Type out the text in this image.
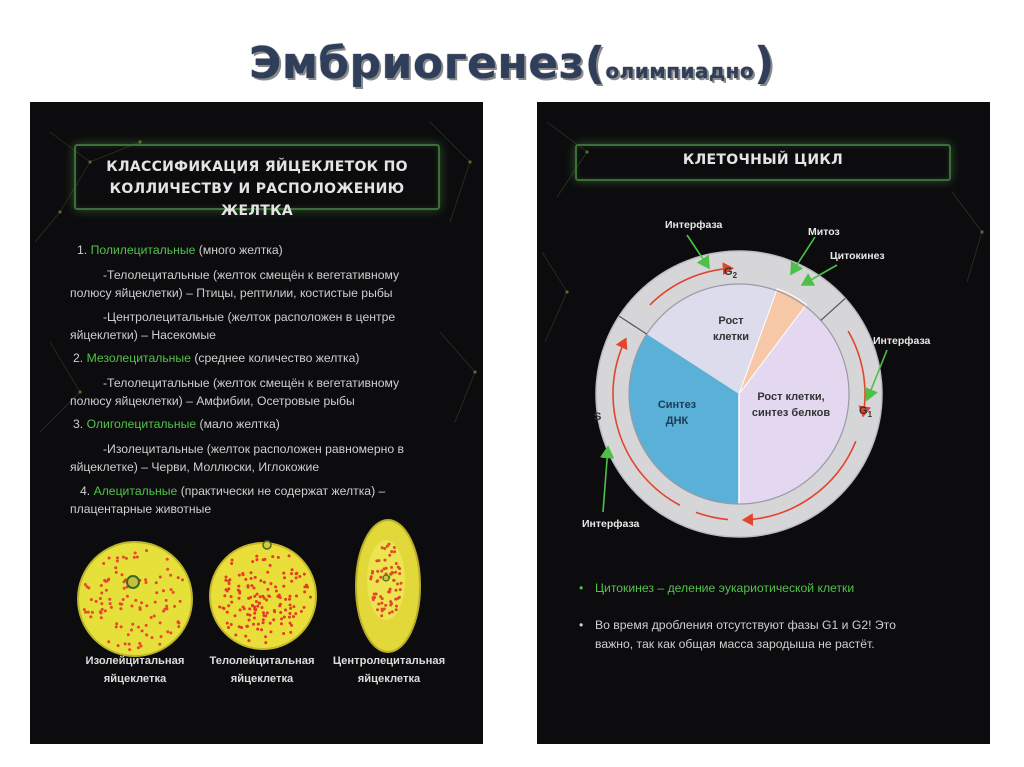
Эмбриогенез(олимпиадно)
КЛАССИФИКАЦИЯ ЯЙЦЕКЛЕТОК ПО
КОЛЛИЧЕСТВУ И РАСПОЛОЖЕНИЮ ЖЕЛТКА
1. Полилецитальные (много желтка)
-Телолецитальные (желток смещён к вегетативному
полюсу яйцеклетки) – Птицы, рептилии, костистые рыбы
-Центролецитальные (желток расположен в центре
яйцеклетки) – Насекомые
2. Мезолецитальные (среднее количество желтка)
-Телолецитальные (желток смещён к вегетативному
полюсу яйцеклетки) – Амфибии, Осетровые рыбы
3. Олиголецитальные (мало желтка)
-Изолецитальные (желток расположен равномерно в
яйцеклетке) – Черви, Моллюски, Иглокожие
4. Алецитальные (практически не содержат желтка) –
плацентарные животные
Изолейцитальная
яйцеклетка
Телолейцитальная
яйцеклетка
Центролецитальная
яйцеклетка
КЛЕТОЧНЫЙ ЦИКЛ
Интерфаза
Митоз
Цитокинез
Интерфаза
Интерфаза
$G_2$
$G_1$
S
Рост
клетки
Синтез
ДНК
Рост клетки,
синтез белков
• Цитокинез – деление эукариотической клетки
• Во время дробления отсутствуют фазы G1 и G2! Это
важно, так как общая масса зародыша не растёт.
